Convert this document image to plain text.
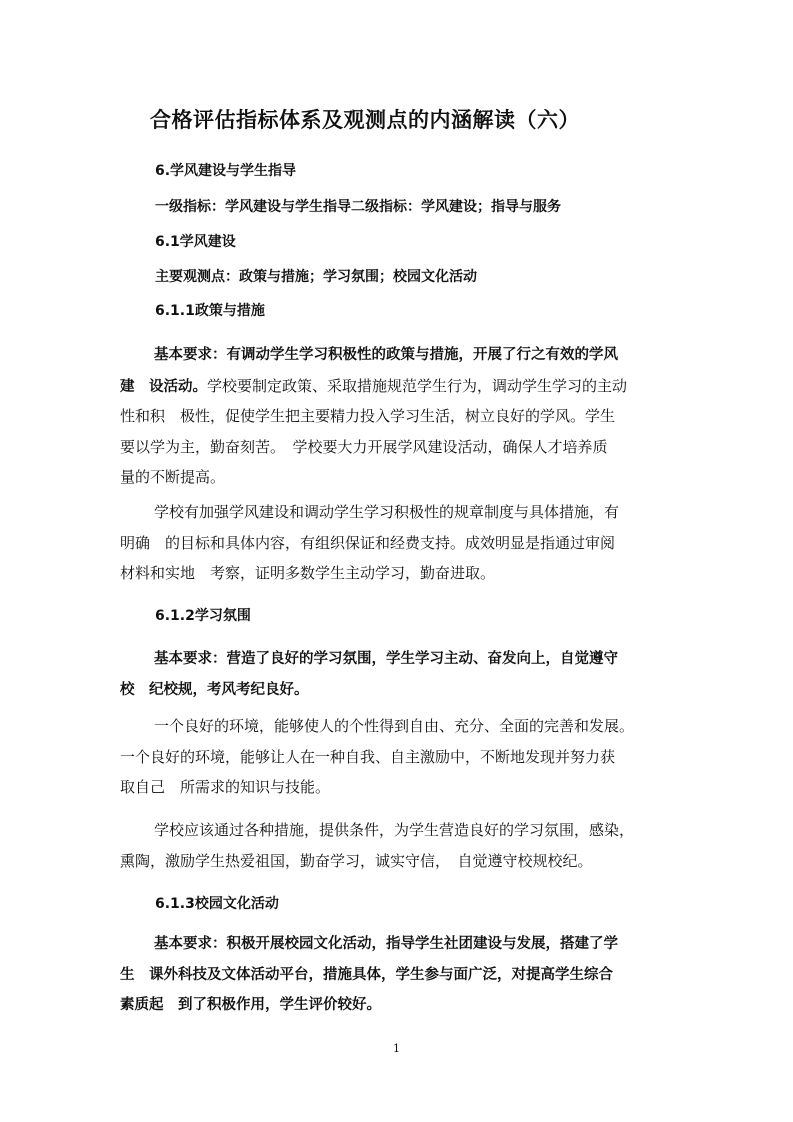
合格评估指标体系及观测点的内涵解读（六）
6.学风建设与学生指导
一级指标：学风建设与学生指导二级指标：学风建设；指导与服务
6.1学风建设
主要观测点：政策与措施；学习氛围；校园文化活动
6.1.1政策与措施
基本要求：有调动学生学习积极性的政策与措施，开展了行之有效的学风
建　设活动。学校要制定政策、采取措施规范学生行为，调动学生学习的主动
性和积　极性，促使学生把主要精力投入学习生活，树立良好的学风。学生
要以学为主，勤奋刻苦。　学校要大力开展学风建设活动，确保人才培养质
量的不断提高。
学校有加强学风建设和调动学生学习积极性的规章制度与具体措施，有
明确　的目标和具体内容，有组织保证和经费支持。成效明显是指通过审阅
材料和实地　考察，证明多数学生主动学习，勤奋进取。
6.1.2学习氛围
基本要求：营造了良好的学习氛围，学生学习主动、奋发向上，自觉遵守
校　纪校规，考风考纪良好。
一个良好的环境，能够使人的个性得到自由、充分、全面的完善和发展。
一个良好的环境，能够让人在一种自我、自主激励中，不断地发现并努力获
取自己　所需求的知识与技能。
学校应该通过各种措施，提供条件，为学生营造良好的学习氛围，感染，
熏陶，激励学生热爱祖国，勤奋学习，诚实守信，　自觉遵守校规校纪。
6.1.3校园文化活动
基本要求：积极开展校园文化活动，指导学生社团建设与发展，搭建了学
生　课外科技及文体活动平台，措施具体，学生参与面广泛，对提高学生综合
素质起　到了积极作用，学生评价较好。
1
